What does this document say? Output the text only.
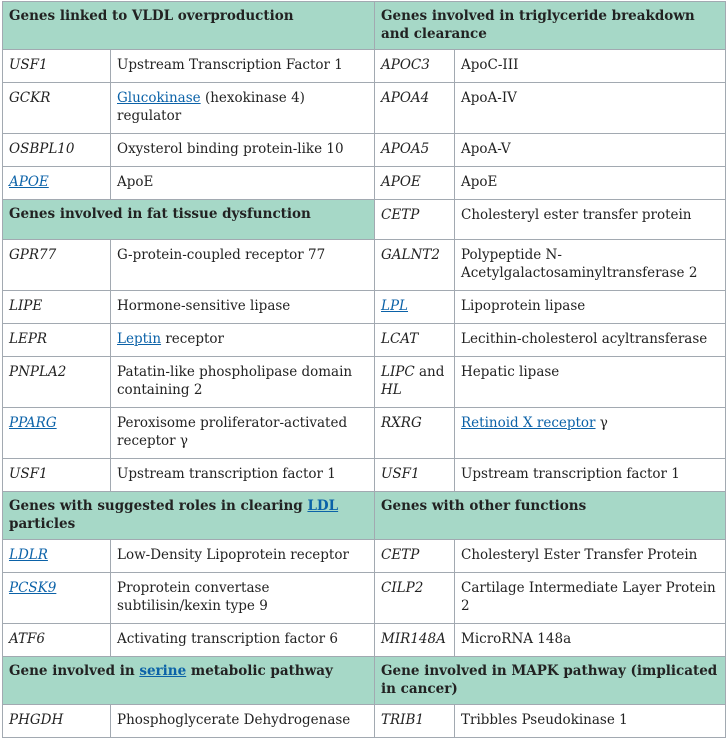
Genes linked to VLDL overproduction		Genes involved in triglyceride breakdown and clearance	
USF1	Upstream Transcription Factor 1	APOC3	ApoC-III
GCKR	Glucokinase (hexokinase 4) regulator	APOA4	ApoA-IV
OSBPL10	Oxysterol binding protein-like 10	APOA5	ApoA-V
APOE	ApoE	APOE	ApoE
Genes involved in fat tissue dysfunction		CETP	Cholesteryl ester transfer protein
GPR77	G-protein-coupled receptor 77	GALNT2	Polypeptide N-Acetylgalactosaminyltransferase 2
LIPE	Hormone-sensitive lipase	LPL	Lipoprotein lipase
LEPR	Leptin receptor	LCAT	Lecithin-cholesterol acyltransferase
PNPLA2	Patatin-like phospholipase domain containing 2	LIPC and HL	Hepatic lipase
PPARG	Peroxisome proliferator-activated receptor γ	RXRG	Retinoid X receptor γ
USF1	Upstream transcription factor 1	USF1	Upstream transcription factor 1
Genes with suggested roles in clearing LDL particles		Genes with other functions	
LDLR	Low-Density Lipoprotein receptor	CETP	Cholesteryl Ester Transfer Protein
PCSK9	Proprotein convertase subtilisin/kexin type 9	CILP2	Cartilage Intermediate Layer Protein 2
ATF6	Activating transcription factor 6	MIR148A	MicroRNA 148a
Gene involved in serine metabolic pathway		Gene involved in MAPK pathway (implicated in cancer)	
PHGDH	Phosphoglycerate Dehydrogenase	TRIB1	Tribbles Pseudokinase 1
